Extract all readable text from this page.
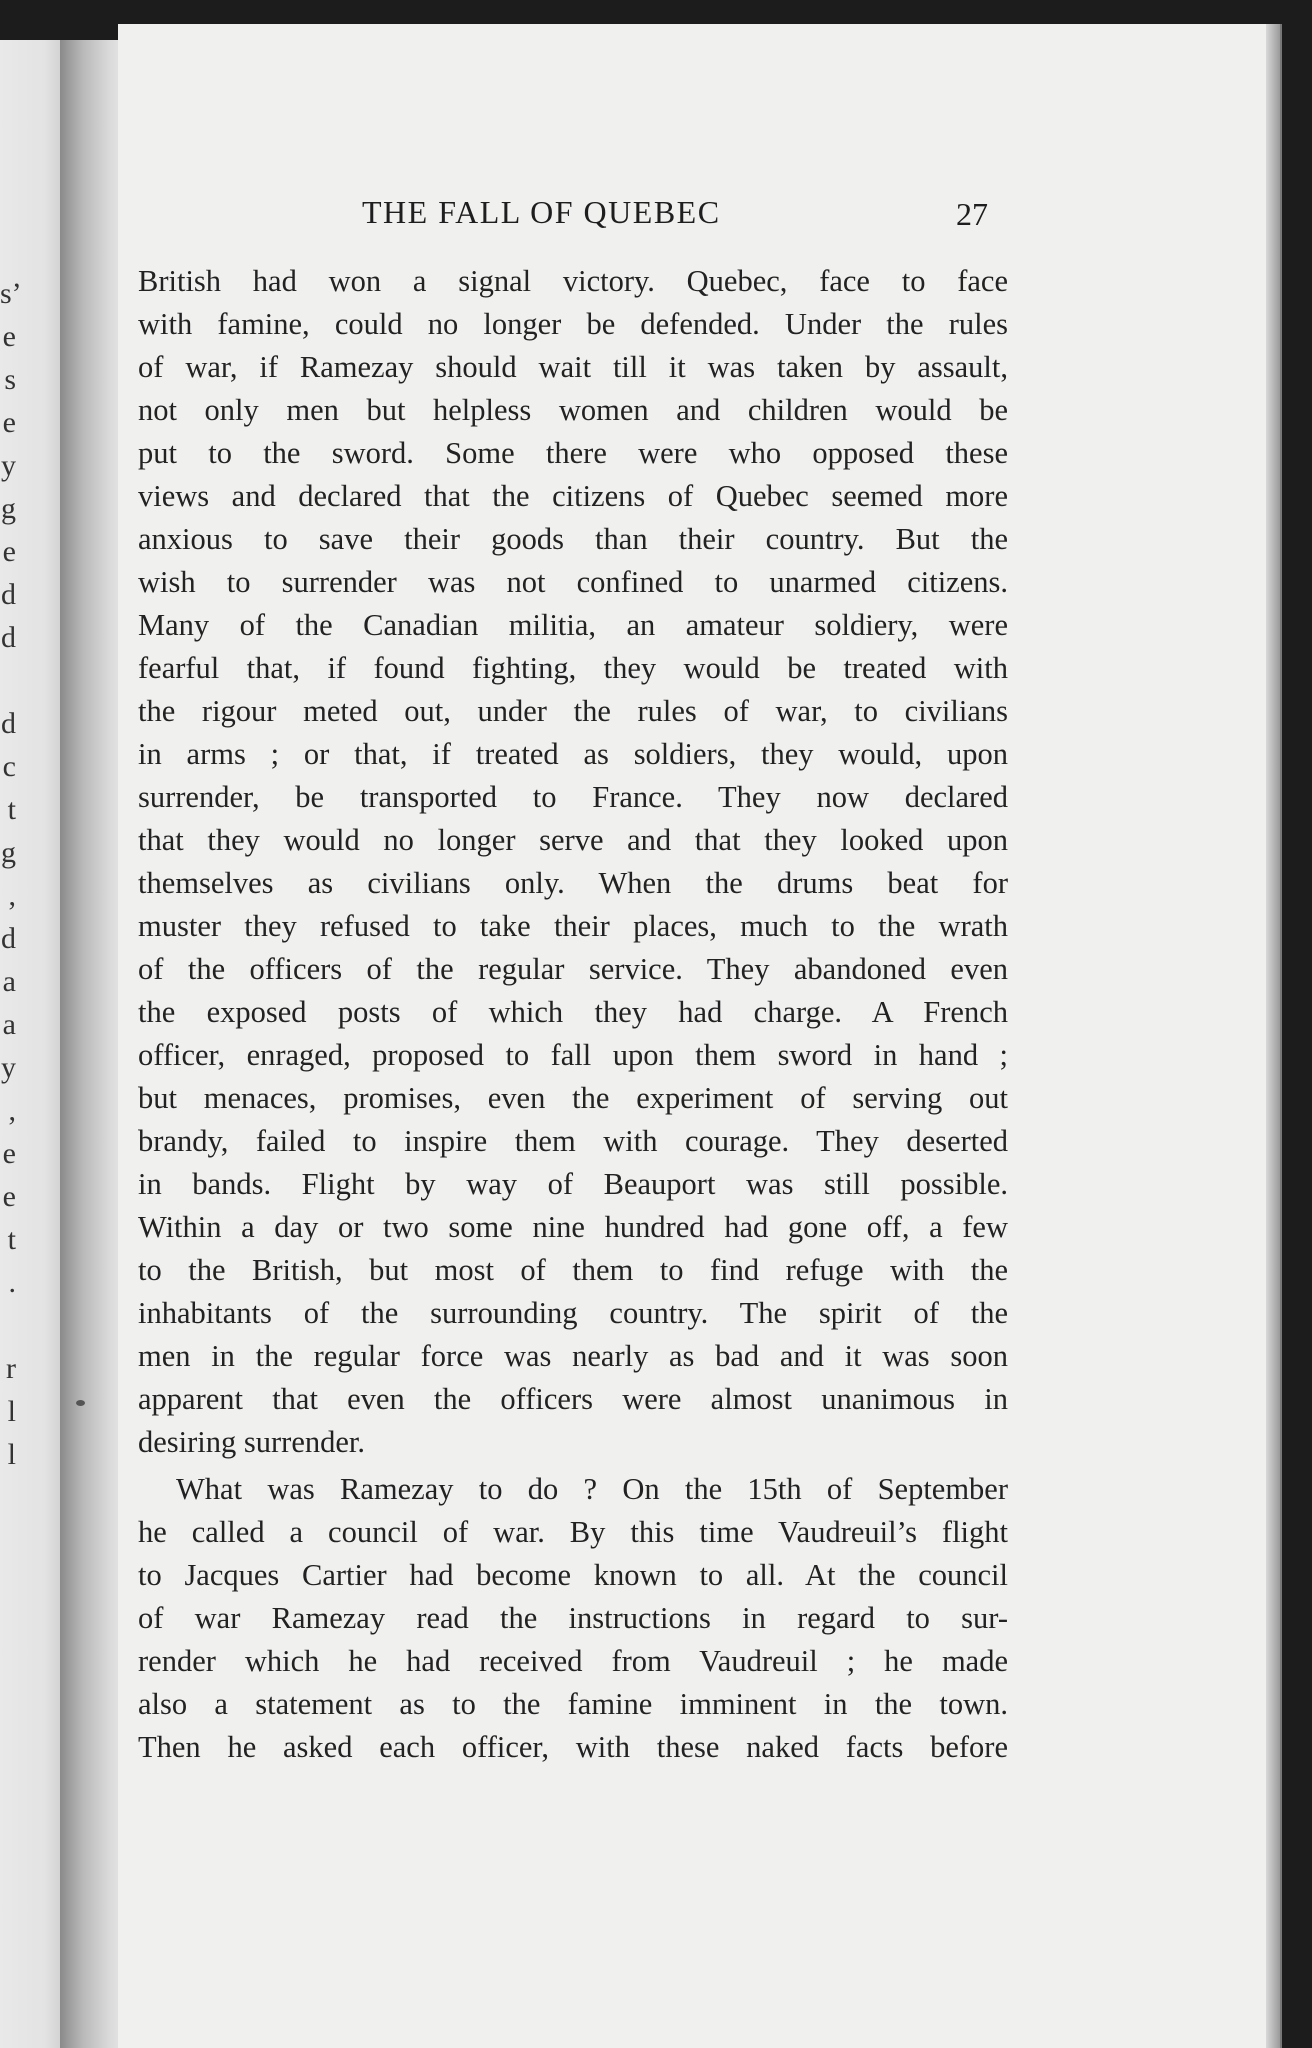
s’
e
s
e
y
g
e
d
d
d
c
t
g
,
d
a
a
y
,
e
e
t
.
r
l
l
THE FALL OF QUEBEC	27
British had won a signal victory. Quebec, face to face
with famine, could no longer be defended. Under the rules
of war, if Ramezay should wait till it was taken by assault,
not only men but helpless women and children would be
put to the sword. Some there were who opposed these
views and declared that the citizens of Quebec seemed more
anxious to save their goods than their country. But the
wish to surrender was not confined to unarmed citizens.
Many of the Canadian militia, an amateur soldiery, were
fearful that, if found fighting, they would be treated with
the rigour meted out, under the rules of war, to civilians
in arms ; or that, if treated as soldiers, they would, upon
surrender, be transported to France. They now declared
that they would no longer serve and that they looked upon
themselves as civilians only. When the drums beat for
muster they refused to take their places, much to the wrath
of the officers of the regular service. They abandoned even
the exposed posts of which they had charge. A French
officer, enraged, proposed to fall upon them sword in hand ;
but menaces, promises, even the experiment of serving out
brandy, failed to inspire them with courage. They deserted
in bands. Flight by way of Beauport was still possible.
Within a day or two some nine hundred had gone off, a few
to the British, but most of them to find refuge with the
inhabitants of the surrounding country. The spirit of the
men in the regular force was nearly as bad and it was soon
apparent that even the officers were almost unanimous in
desiring surrender.
What was Ramezay to do ? On the 15th of September
he called a council of war. By this time Vaudreuil’s flight
to Jacques Cartier had become known to all. At the council
of war Ramezay read the instructions in regard to sur-
render which he had received from Vaudreuil ; he made
also a statement as to the famine imminent in the town.
Then he asked each officer, with these naked facts before
